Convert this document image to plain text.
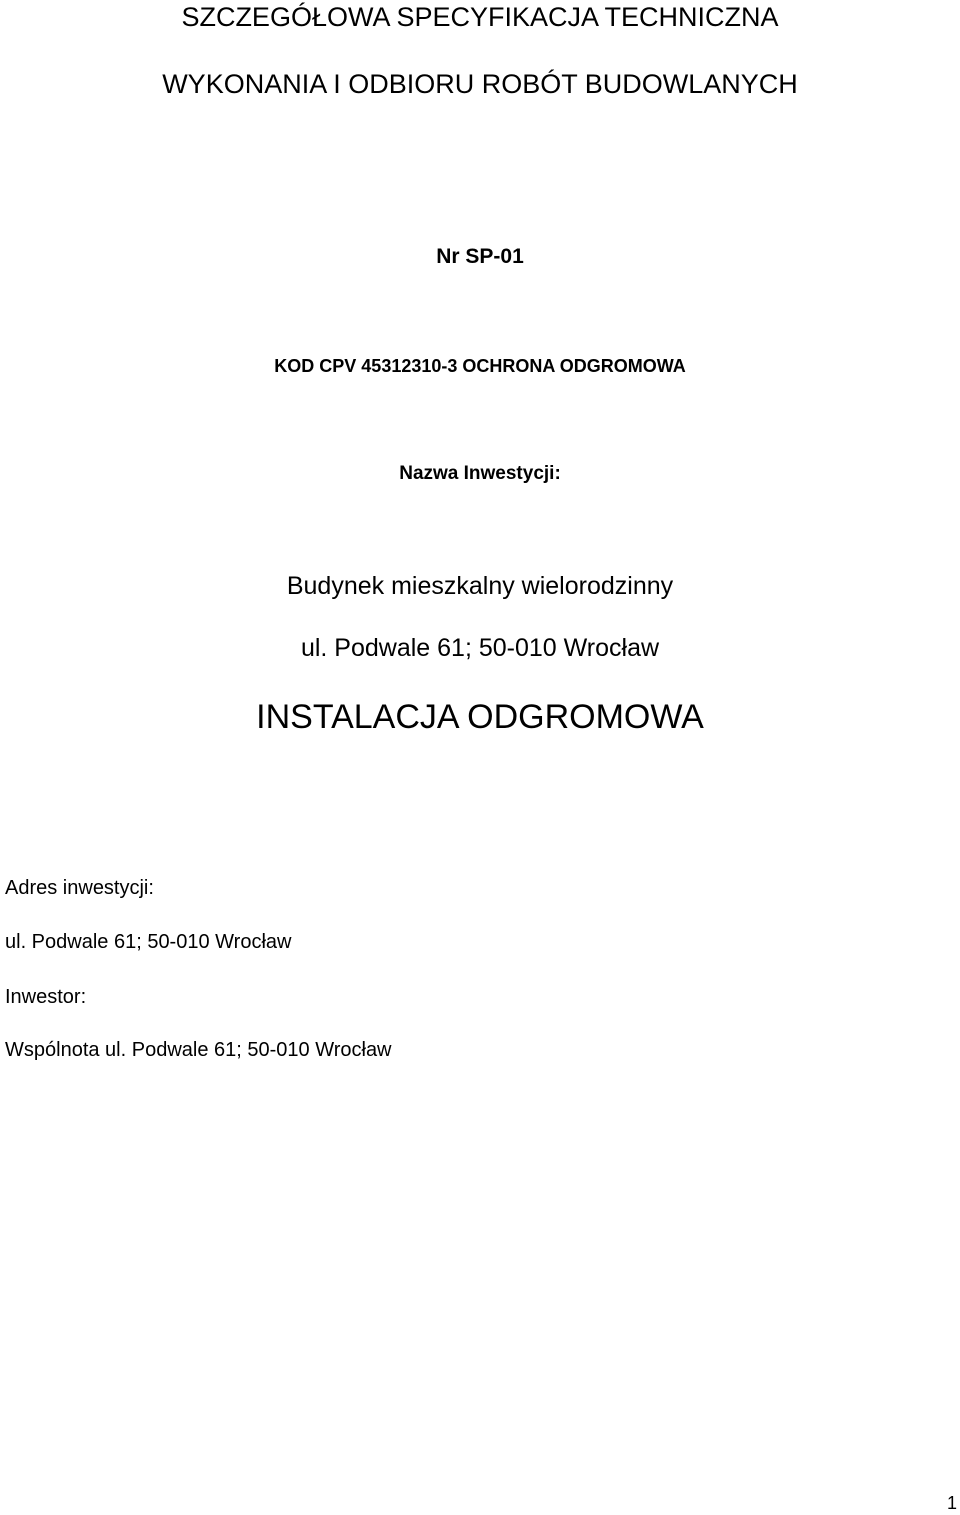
SZCZEGÓŁOWA SPECYFIKACJA TECHNICZNA
WYKONANIA I ODBIORU ROBÓT BUDOWLANYCH
Nr SP-01
KOD CPV 45312310-3 OCHRONA ODGROMOWA
Nazwa Inwestycji:
Budynek mieszkalny wielorodzinny
ul. Podwale 61; 50-010 Wrocław
INSTALACJA ODGROMOWA
Adres inwestycji:
ul. Podwale 61; 50-010 Wrocław
Inwestor:
Wspólnota ul. Podwale 61; 50-010 Wrocław
1
